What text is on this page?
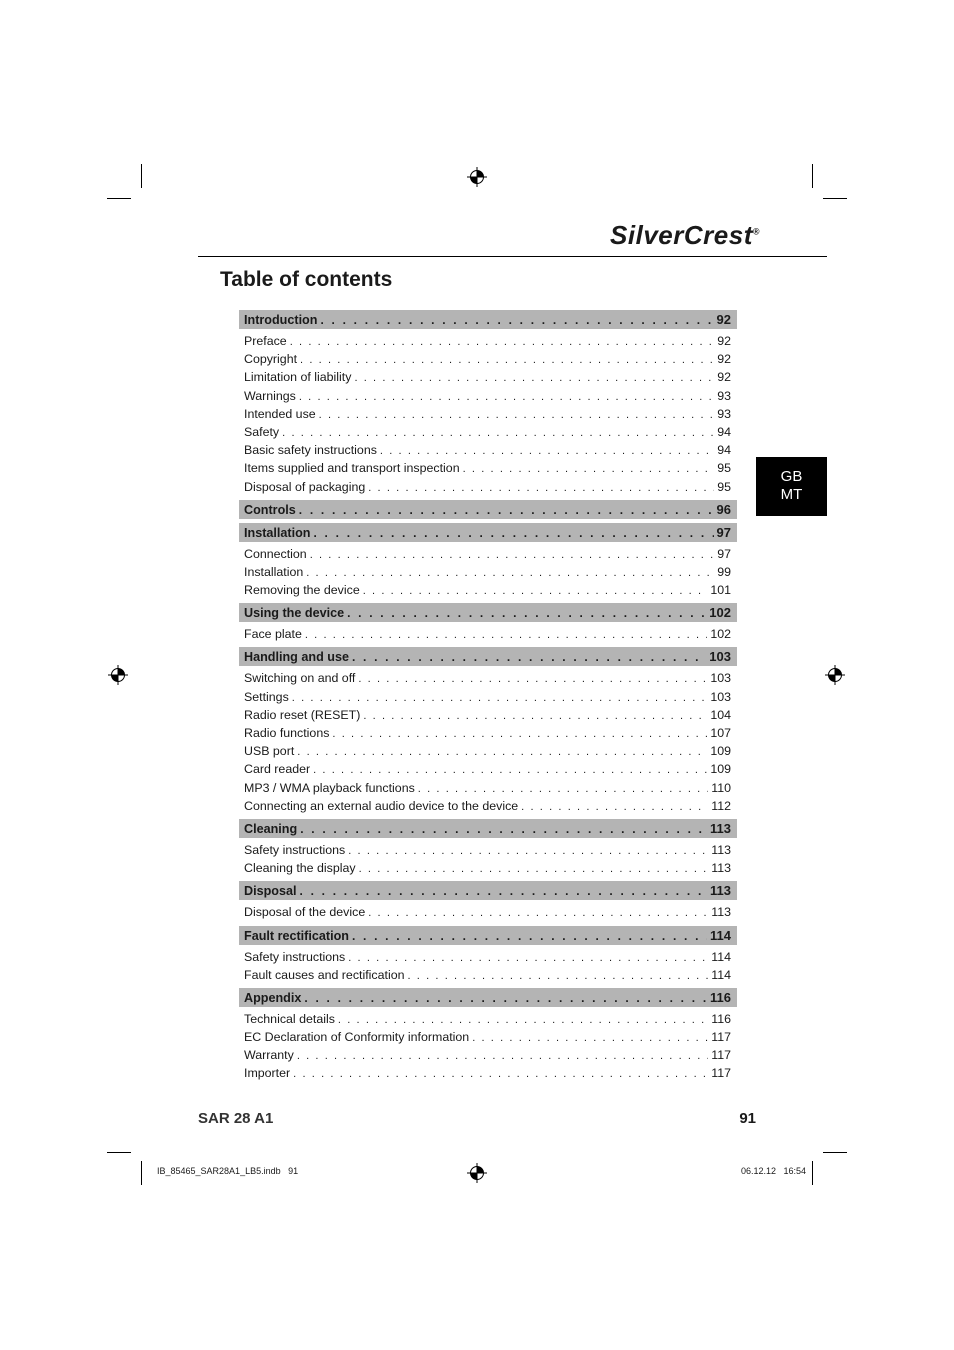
SilverCrest®
Table of contents
GB
MT
Introduction . . .	92
Preface . . .	92
Copyright . . .	92
Limitation of liability . . .	92
Warnings . . .	93
Intended use . . .	93
Safety . . .	94
Basic safety instructions . . .	94
Items supplied and transport inspection . . .	95
Disposal of packaging . . .	95
Controls . . .	96
Installation . . .	97
Connection . . .	97
Installation . . .	99
Removing the device . . .	101
Using the device . . .	102
Face plate . . .	102
Handling and use . . .	103
Switching on and off . . .	103
Settings . . .	103
Radio reset (RESET) . . .	104
Radio functions . . .	107
USB port . . .	109
Card reader . . .	109
MP3 / WMA playback functions . . .	110
Connecting an external audio device to the device . . .	112
Cleaning . . .	113
Safety instructions . . .	113
Cleaning the display . . .	113
Disposal . . .	113
Disposal of the device . . .	113
Fault rectification . . .	114
Safety instructions . . .	114
Fault causes and rectification . . .	114
Appendix . . .	116
Technical details . . .	116
EC Declaration of Conformity information . . .	117
Warranty . . .	117
Importer . . .	117
SAR 28 A1	91
IB_85465_SAR28A1_LB5.indb   91	06.12.12   16:54
